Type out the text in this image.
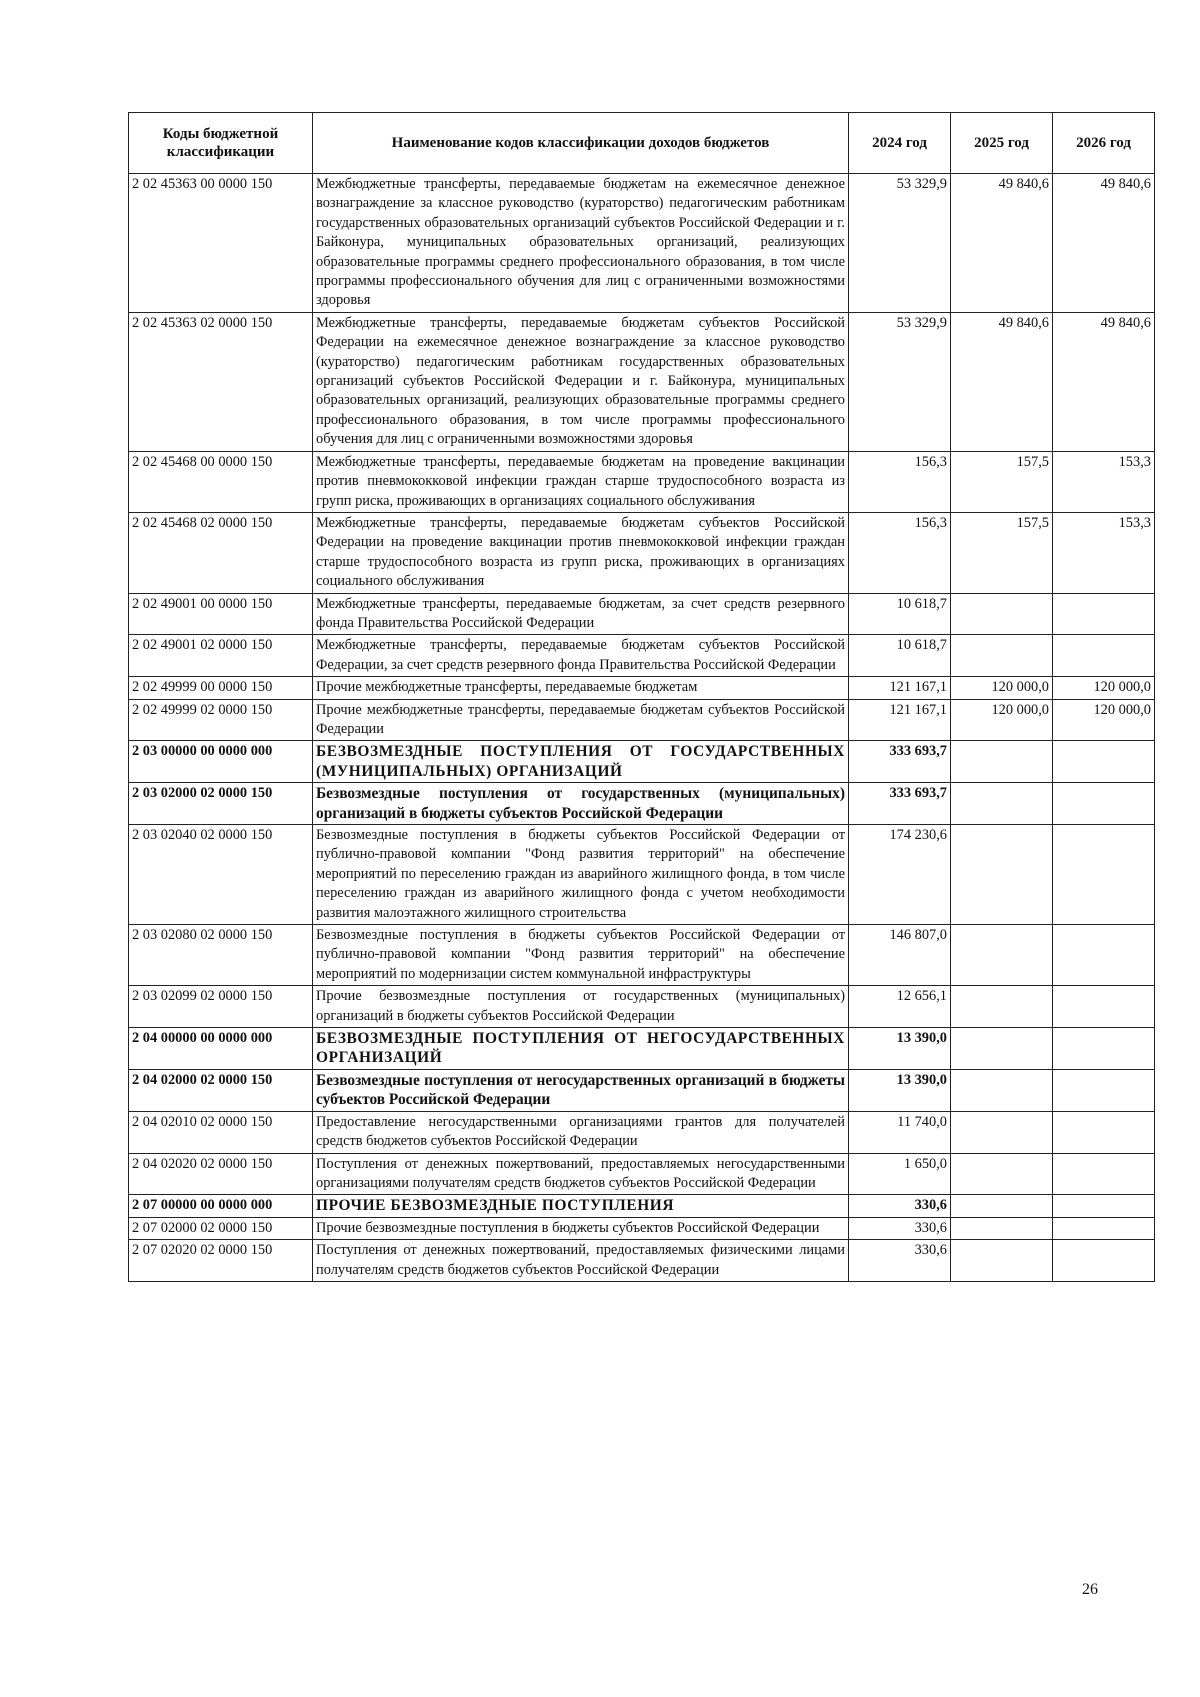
Коды бюджетной классификации	Наименование кодов классификации доходов бюджетов	2024 год	2025 год	2026 год
2 02 45363 00 0000 150	Межбюджетные трансферты, передаваемые бюджетам на ежемесячное денежное вознаграждение за классное руководство (кураторство) педагогическим работникам государственных образовательных организаций субъектов Российской Федерации и г. Байконура, муниципальных образовательных организаций, реализующих образовательные программы среднего профессионального образования, в том числе программы профессионального обучения для лиц с ограниченными возможностями здоровья	53 329,9	49 840,6	49 840,6
2 02 45363 02 0000 150	Межбюджетные трансферты, передаваемые бюджетам субъектов Российской Федерации на ежемесячное денежное вознаграждение за классное руководство (кураторство) педагогическим работникам государственных образовательных организаций субъектов Российской Федерации и г. Байконура, муниципальных образовательных организаций, реализующих образовательные программы среднего профессионального образования, в том числе программы профессионального обучения для лиц с ограниченными возможностями здоровья	53 329,9	49 840,6	49 840,6
2 02 45468 00 0000 150	Межбюджетные трансферты, передаваемые бюджетам на проведение вакцинации против пневмококковой инфекции граждан старше трудоспособного возраста из групп риска, проживающих в организациях социального обслуживания	156,3	157,5	153,3
2 02 45468 02 0000 150	Межбюджетные трансферты, передаваемые бюджетам субъектов Российской Федерации на проведение вакцинации против пневмококковой инфекции граждан старше трудоспособного возраста из групп риска, проживающих в организациях социального обслуживания	156,3	157,5	153,3
2 02 49001 00 0000 150	Межбюджетные трансферты, передаваемые бюджетам, за счет средств резервного фонда Правительства Российской Федерации	10 618,7		
2 02 49001 02 0000 150	Межбюджетные трансферты, передаваемые бюджетам субъектов Российской Федерации, за счет средств резервного фонда Правительства Российской Федерации	10 618,7		
2 02 49999 00 0000 150	Прочие межбюджетные трансферты, передаваемые бюджетам	121 167,1	120 000,0	120 000,0
2 02 49999 02 0000 150	Прочие межбюджетные трансферты, передаваемые бюджетам субъектов Российской Федерации	121 167,1	120 000,0	120 000,0
2 03 00000 00 0000 000	БЕЗВОЗМЕЗДНЫЕ ПОСТУПЛЕНИЯ ОТ ГОСУДАРСТВЕННЫХ (МУНИЦИПАЛЬНЫХ) ОРГАНИЗАЦИЙ	333 693,7		
2 03 02000 02 0000 150	Безвозмездные поступления от государственных (муниципальных) организаций в бюджеты субъектов Российской Федерации	333 693,7		
2 03 02040 02 0000 150	Безвозмездные поступления в бюджеты субъектов Российской Федерации от публично-правовой компании "Фонд развития территорий" на обеспечение мероприятий по переселению граждан из аварийного жилищного фонда, в том числе переселению граждан из аварийного жилищного фонда с учетом необходимости развития малоэтажного жилищного строительства	174 230,6		
2 03 02080 02 0000 150	Безвозмездные поступления в бюджеты субъектов Российской Федерации от публично-правовой компании "Фонд развития территорий" на обеспечение мероприятий по модернизации систем коммунальной инфраструктуры	146 807,0		
2 03 02099 02 0000 150	Прочие безвозмездные поступления от государственных (муниципальных) организаций в бюджеты субъектов Российской Федерации	12 656,1		
2 04 00000 00 0000 000	БЕЗВОЗМЕЗДНЫЕ ПОСТУПЛЕНИЯ ОТ НЕГОСУДАРСТВЕННЫХ ОРГАНИЗАЦИЙ	13 390,0		
2 04 02000 02 0000 150	Безвозмездные поступления от негосударственных организаций в бюджеты субъектов Российской Федерации	13 390,0		
2 04 02010 02 0000 150	Предоставление негосударственными организациями грантов для получателей средств бюджетов субъектов Российской Федерации	11 740,0		
2 04 02020 02 0000 150	Поступления от денежных пожертвований, предоставляемых негосударственными организациями получателям средств бюджетов субъектов Российской Федерации	1 650,0		
2 07 00000 00 0000 000	ПРОЧИЕ БЕЗВОЗМЕЗДНЫЕ ПОСТУПЛЕНИЯ	330,6		
2 07 02000 02 0000 150	Прочие безвозмездные поступления в бюджеты субъектов Российской Федерации	330,6		
2 07 02020 02 0000 150	Поступления от денежных пожертвований, предоставляемых физическими лицами получателям средств бюджетов субъектов Российской Федерации	330,6		
26
